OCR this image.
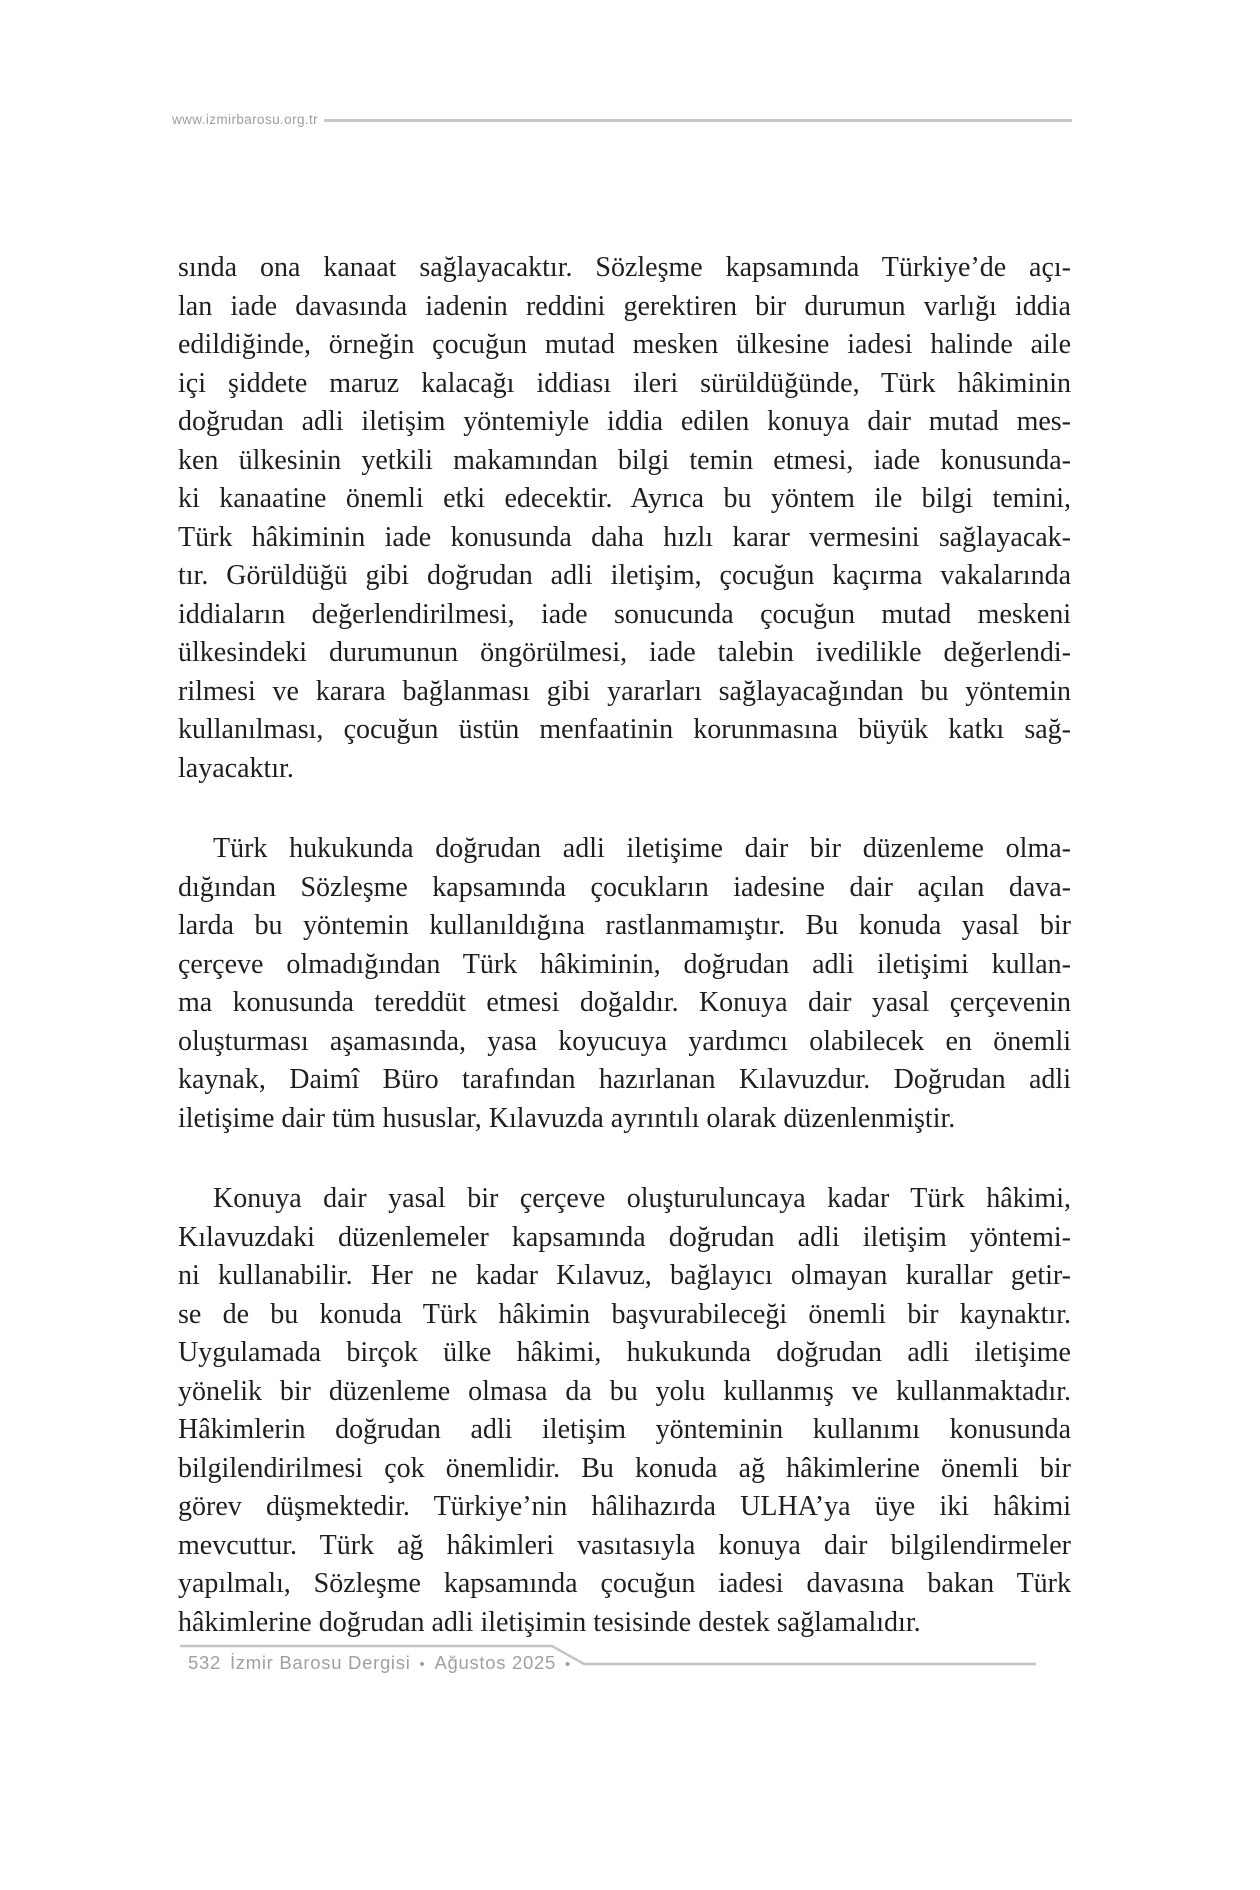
www.izmirbarosu.org.tr

sında ona kanaat sağlayacaktır. Sözleşme kapsamında Türkiye’de açı-
lan iade davasında iadenin reddini gerektiren bir durumun varlığı iddia
edildiğinde, örneğin çocuğun mutad mesken ülkesine iadesi halinde aile
içi şiddete maruz kalacağı iddiası ileri sürüldüğünde, Türk hâkiminin
doğrudan adli iletişim yöntemiyle iddia edilen konuya dair mutad mes-
ken ülkesinin yetkili makamından bilgi temin etmesi, iade konusunda-
ki kanaatine önemli etki edecektir. Ayrıca bu yöntem ile bilgi temini,
Türk hâkiminin iade konusunda daha hızlı karar vermesini sağlayacak-
tır. Görüldüğü gibi doğrudan adli iletişim, çocuğun kaçırma vakalarında
iddiaların değerlendirilmesi, iade sonucunda çocuğun mutad meskeni
ülkesindeki durumunun öngörülmesi, iade talebin ivedilikle değerlendi-
rilmesi ve karara bağlanması gibi yararları sağlayacağından bu yöntemin
kullanılması, çocuğun üstün menfaatinin korunmasına büyük katkı sağ-
layacaktır.

Türk hukukunda doğrudan adli iletişime dair bir düzenleme olma-
dığından Sözleşme kapsamında çocukların iadesine dair açılan dava-
larda bu yöntemin kullanıldığına rastlanmamıştır. Bu konuda yasal bir
çerçeve olmadığından Türk hâkiminin, doğrudan adli iletişimi kullan-
ma konusunda tereddüt etmesi doğaldır. Konuya dair yasal çerçevenin
oluşturması aşamasında, yasa koyucuya yardımcı olabilecek en önemli
kaynak, Daimî Büro tarafından hazırlanan Kılavuzdur. Doğrudan adli
iletişime dair tüm hususlar, Kılavuzda ayrıntılı olarak düzenlenmiştir.

Konuya dair yasal bir çerçeve oluşturuluncaya kadar Türk hâkimi,
Kılavuzdaki düzenlemeler kapsamında doğrudan adli iletişim yöntemi-
ni kullanabilir. Her ne kadar Kılavuz, bağlayıcı olmayan kurallar getir-
se de bu konuda Türk hâkimin başvurabileceği önemli bir kaynaktır.
Uygulamada birçok ülke hâkimi, hukukunda doğrudan adli iletişime
yönelik bir düzenleme olmasa da bu yolu kullanmış ve kullanmaktadır.
Hâkimlerin doğrudan adli iletişim yönteminin kullanımı konusunda
bilgilendirilmesi çok önemlidir. Bu konuda ağ hâkimlerine önemli bir
görev düşmektedir. Türkiye’nin hâlihazırda ULHA’ya üye iki hâkimi
mevcuttur. Türk ağ hâkimleri vasıtasıyla konuya dair bilgilendirmeler
yapılmalı, Sözleşme kapsamında çocuğun iadesi davasına bakan Türk
hâkimlerine doğrudan adli iletişimin tesisinde destek sağlamalıdır.

532 İzmir Barosu Dergisi • Ağustos 2025 •
